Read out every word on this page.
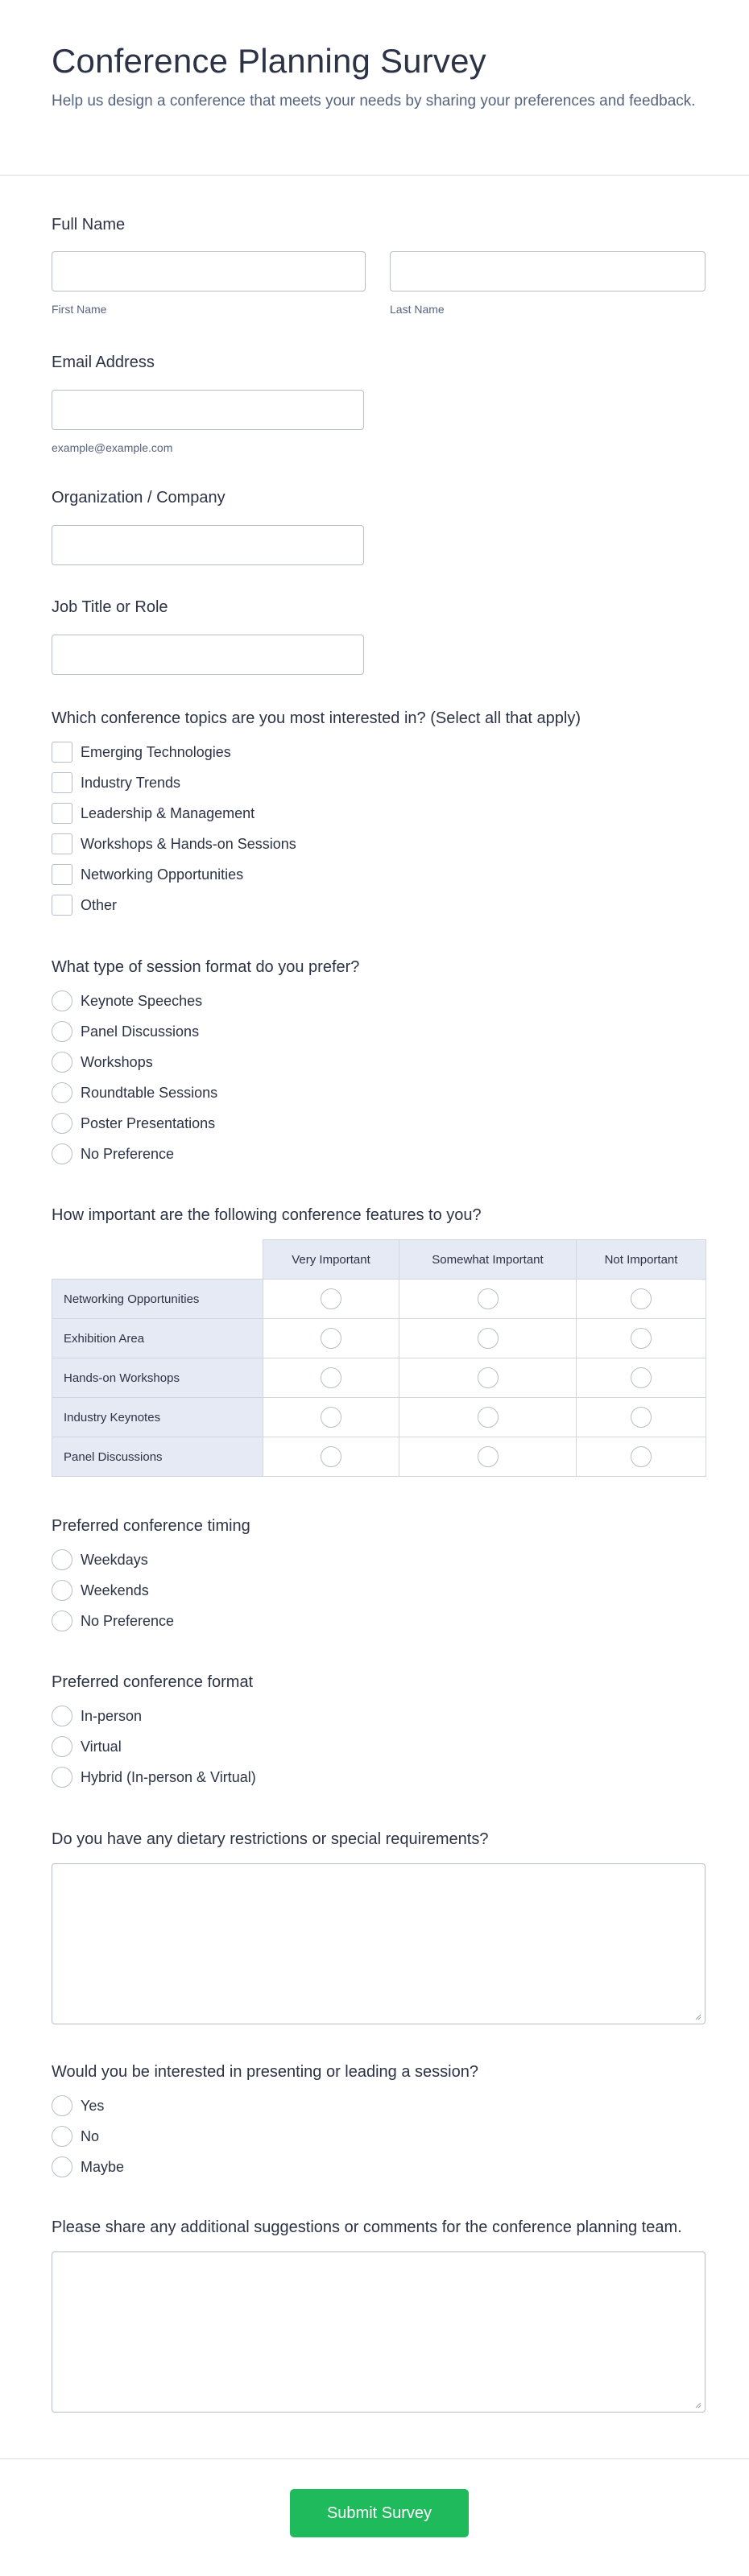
Conference Planning Survey

Help us design a conference that meets your needs by sharing your preferences and feedback.

Full Name
First Name	Last Name
Email Address
example@example.com
Organization / Company
Job Title or Role
Which conference topics are you most interested in? (Select all that apply)
Emerging Technologies
Industry Trends
Leadership & Management
Workshops & Hands-on Sessions
Networking Opportunities
Other
What type of session format do you prefer?
Keynote Speeches
Panel Discussions
Workshops
Roundtable Sessions
Poster Presentations
No Preference
How important are the following conference features to you?
	Very Important	Somewhat Important	Not Important
Networking Opportunities			
Exhibition Area			
Hands-on Workshops			
Industry Keynotes			
Panel Discussions			
Preferred conference timing
Weekdays
Weekends
No Preference
Preferred conference format
In-person
Virtual
Hybrid (In-person & Virtual)
Do you have any dietary restrictions or special requirements?
Would you be interested in presenting or leading a session?
Yes
No
Maybe
Please share any additional suggestions or comments for the conference planning team.
Submit Survey
